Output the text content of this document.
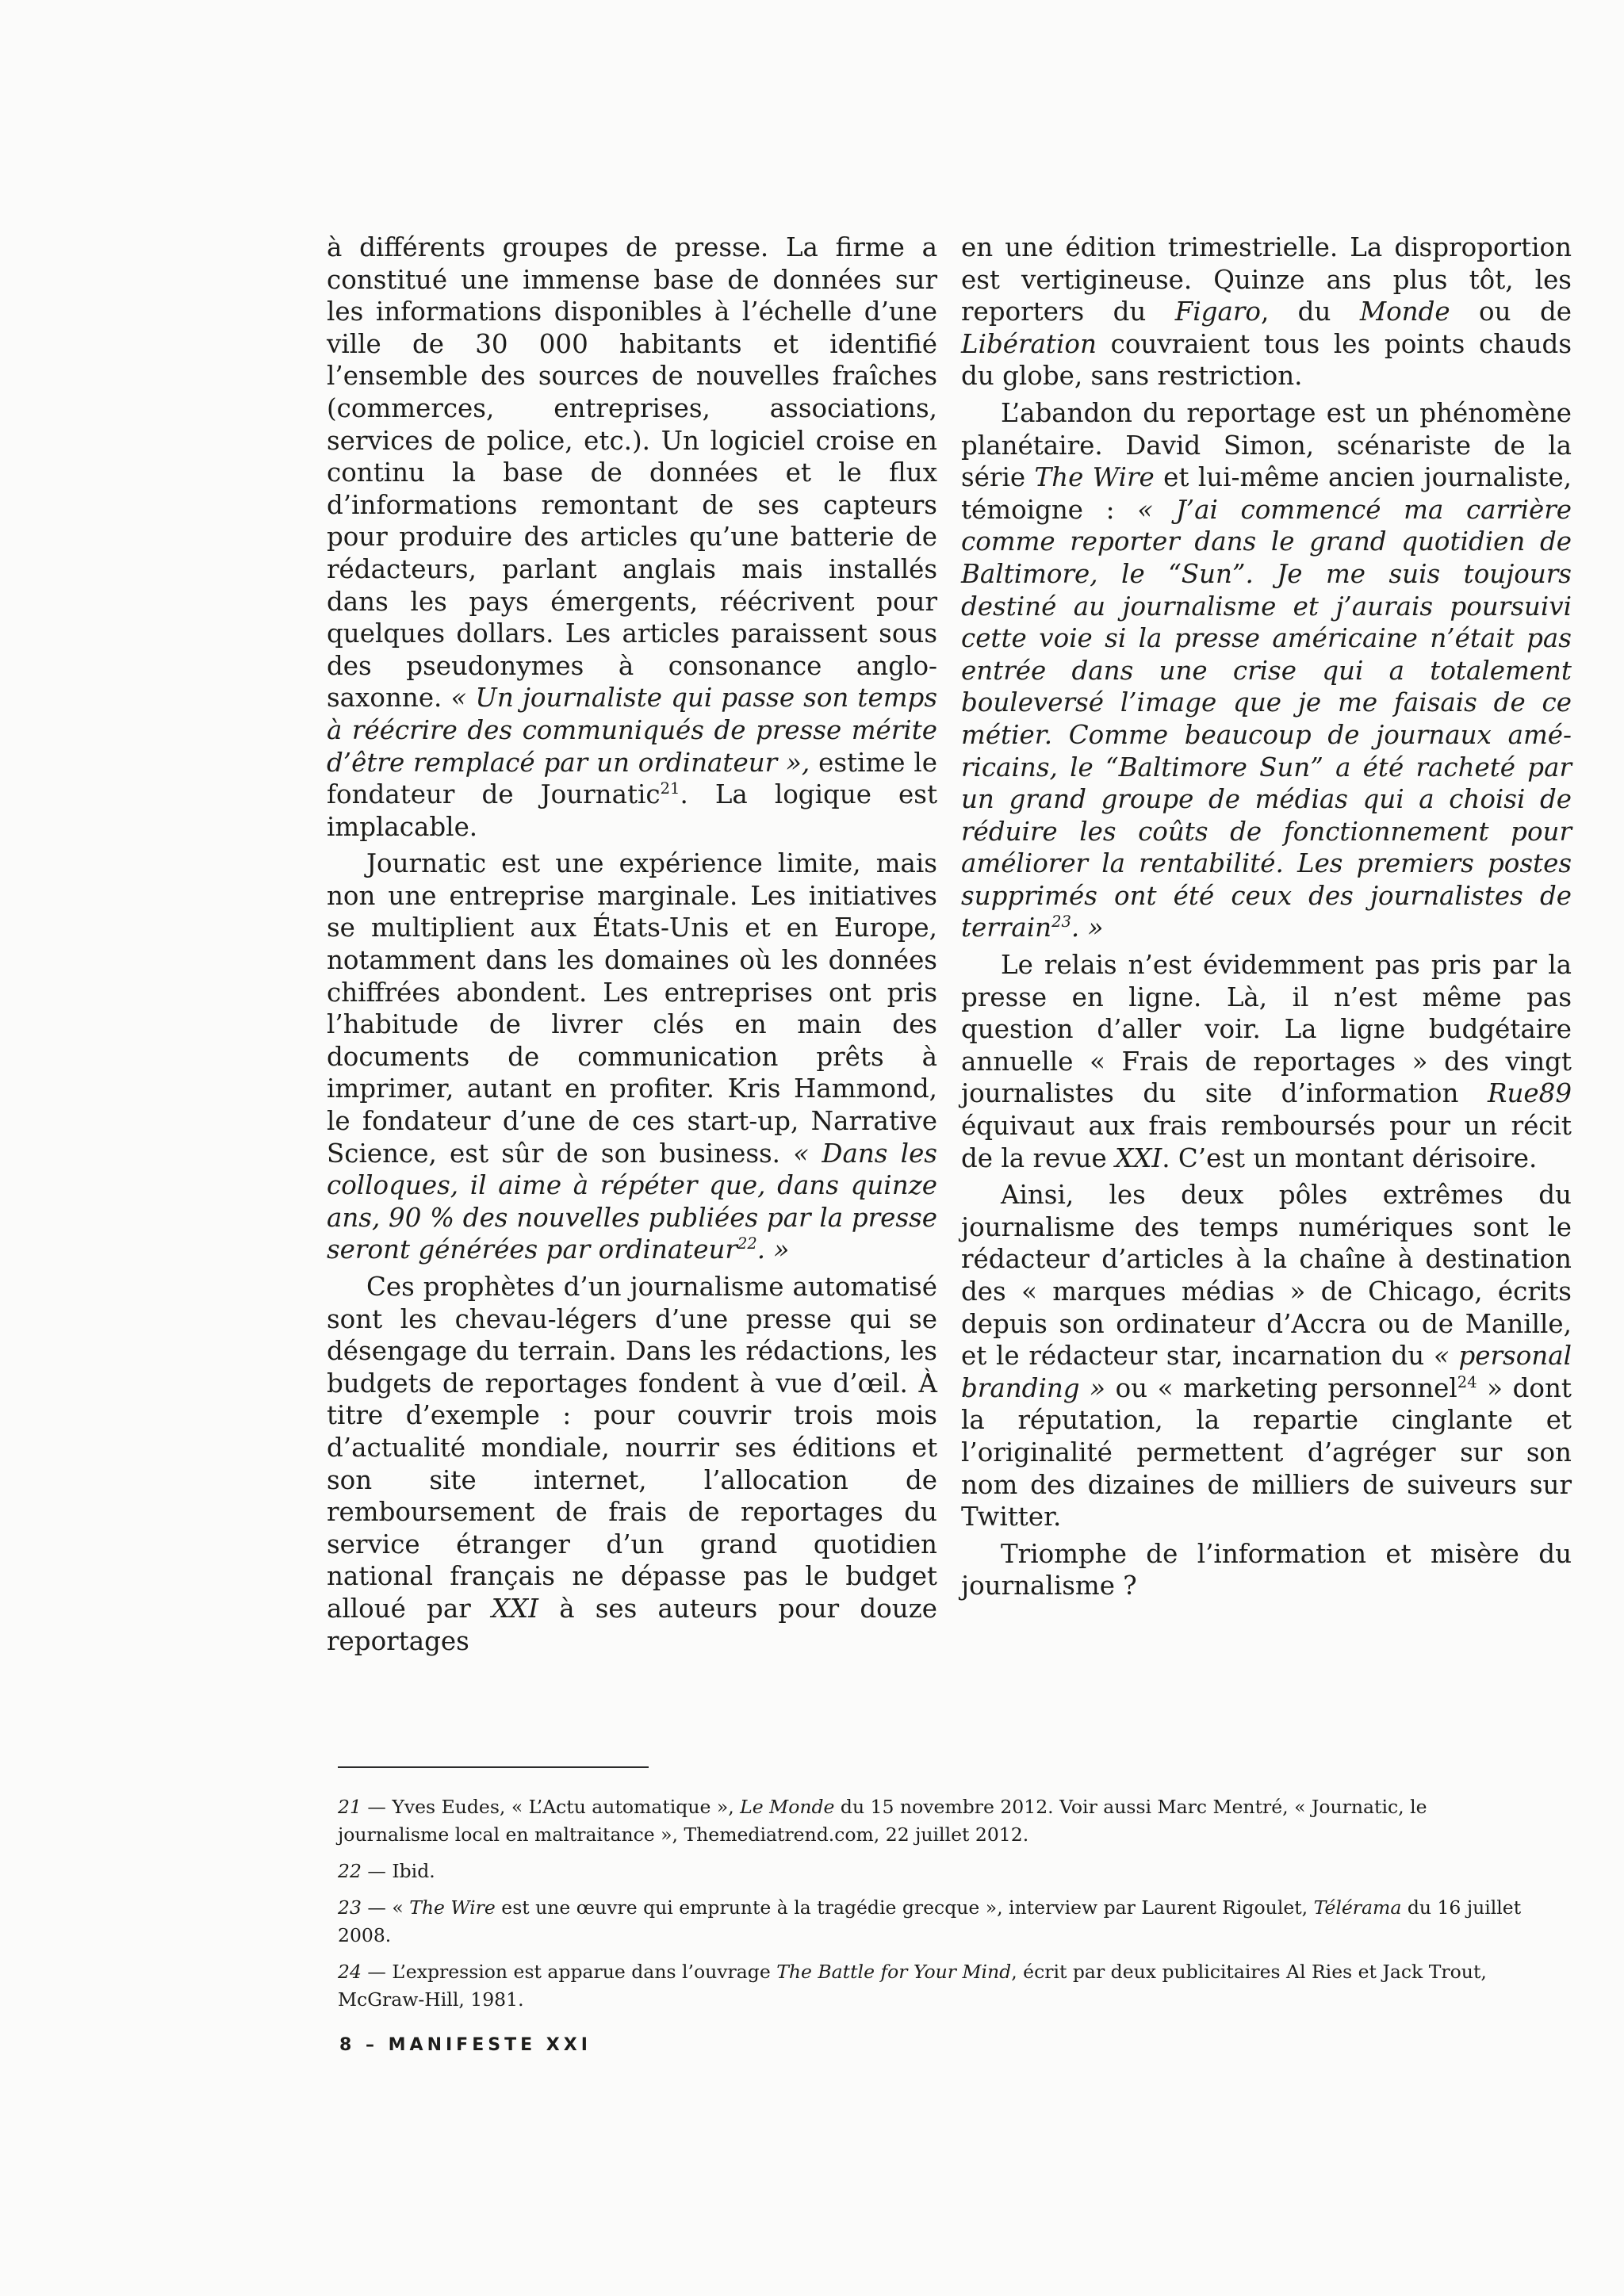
à différents groupes de presse. La firme a constitué une immense base de données sur les informations disponibles à l’échelle d’une ville de 30 000 habitants et identifié l’ensemble des sources de nouvelles fraîches (commerces, entreprises, associations, services de police, etc.). Un logiciel croise en continu la base de données et le flux d’informations remontant de ses capteurs pour produire des articles qu’une batterie de rédacteurs, parlant anglais mais installés dans les pays émergents, réécrivent pour quelques dollars. Les articles paraissent sous des pseudonymes à consonance anglo-saxonne. « Un journaliste qui passe son temps à réécrire des communiqués de presse mérite d’être remplacé par un ordinateur », estime le fondateur de Journatic$^{21}$. La logique est implacable.

Journatic est une expérience limite, mais non une entreprise marginale. Les initiatives se multiplient aux États-Unis et en Europe, notamment dans les domaines où les données chiffrées abondent. Les entreprises ont pris l’habitude de livrer clés en main des documents de communication prêts à imprimer, autant en profiter. Kris Hammond, le fondateur d’une de ces start-up, Narrative Science, est sûr de son business. « Dans les colloques, il aime à répéter que, dans quinze ans, 90 % des nouvelles publiées par la presse seront générées par ordinateur$^{22}$. »

Ces prophètes d’un journalisme automatisé sont les chevau-légers d’une presse qui se désengage du terrain. Dans les rédactions, les budgets de reportages fondent à vue d’œil. À titre d’exemple : pour couvrir trois mois d’actualité mondiale, nourrir ses éditions et son site internet, l’allocation de remboursement de frais de reportages du service étranger d’un grand quotidien national français ne dépasse pas le budget alloué par XXI à ses auteurs pour douze reportages

en une édition trimestrielle. La disproportion est vertigineuse. Quinze ans plus tôt, les reporters du Figaro, du Monde ou de Libération couvraient tous les points chauds du globe, sans restriction.

L’abandon du reportage est un phénomène planétaire. David Simon, scénariste de la série The Wire et lui-même ancien journaliste, témoigne : « J’ai commencé ma carrière comme reporter dans le grand quotidien de Baltimore, le “Sun”. Je me suis toujours destiné au journalisme et j’aurais poursuivi cette voie si la presse américaine n’était pas entrée dans une crise qui a totalement bouleversé l’image que je me faisais de ce métier. Comme beaucoup de journaux américains, le “Baltimore Sun” a été racheté par un grand groupe de médias qui a choisi de réduire les coûts de fonctionnement pour améliorer la rentabilité. Les premiers postes supprimés ont été ceux des journalistes de terrain$^{23}$. »

Le relais n’est évidemment pas pris par la presse en ligne. Là, il n’est même pas question d’aller voir. La ligne budgétaire annuelle « Frais de reportages » des vingt journalistes du site d’information Rue89 équivaut aux frais remboursés pour un récit de la revue XXI. C’est un montant dérisoire.

Ainsi, les deux pôles extrêmes du journalisme des temps numériques sont le rédacteur d’articles à la chaîne à destination des « marques médias » de Chicago, écrits depuis son ordinateur d’Accra ou de Manille, et le rédacteur star, incarnation du « personal branding » ou « marketing personnel$^{24}$ » dont la réputation, la repartie cinglante et l’originalité permettent d’agréger sur son nom des dizaines de milliers de suiveurs sur Twitter.

Triomphe de l’information et misère du journalisme ?

21 — Yves Eudes, « L’Actu automatique », Le Monde du 15 novembre 2012. Voir aussi Marc Mentré, « Journatic, le journalisme local en maltraitance », Themediatrend.com, 22 juillet 2012.

22 — Ibid.

23 — « The Wire est une œuvre qui emprunte à la tragédie grecque », interview par Laurent Rigoulet, Télérama du 16 juillet 2008.

24 — L’expression est apparue dans l’ouvrage The Battle for Your Mind, écrit par deux publicitaires Al Ries et Jack Trout, McGraw-Hill, 1981.

8 – MANIFESTE XXI
